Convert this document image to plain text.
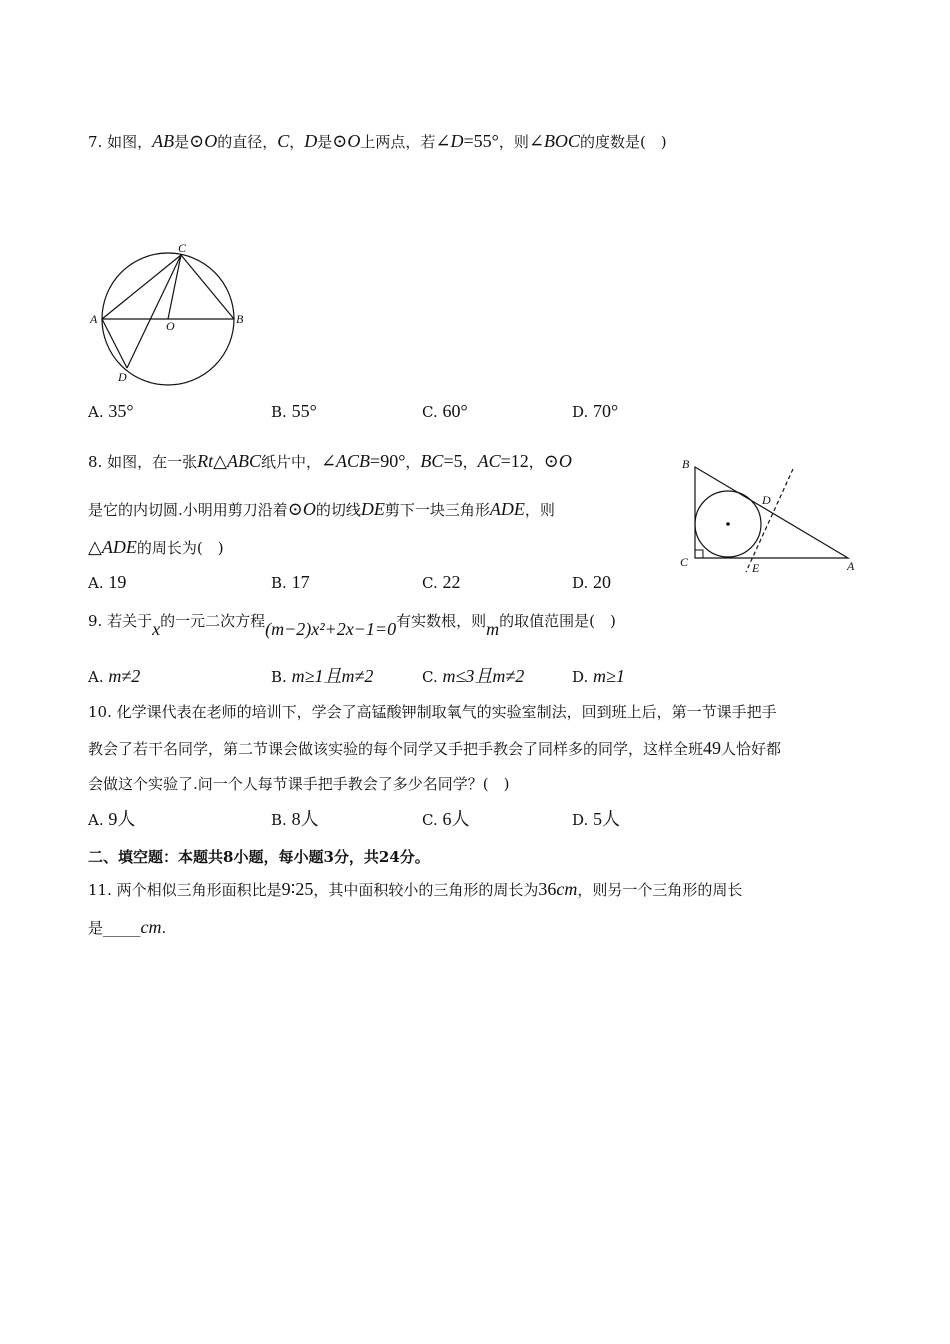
7. 如图，AB是⊙O的直径，C，D是⊙O上两点，若∠D=55°，则∠BOC的度数是(　)
C
A	B
O
D
A. 35°	B. 55°	C. 60°	D. 70°
8. 如图，在一张Rt△ABC纸片中，∠ACB=90°，BC=5，AC=12，⊙O
是它的内切圆.小明用剪刀沿着⊙O的切线DE剪下一块三角形ADE，则
△ADE的周长为(　)
B
D
C	E	A
A. 19	B. 17	C. 22	D. 20
9. 若关于x的一元二次方程(m−2)x²+2x−1=0有实数根，则m的取值范围是(　)
A. m≠2	B. m≥1且m≠2	C. m≤3且m≠2	D. m≥1
10. 化学课代表在老师的培训下，学会了高锰酸钾制取氧气的实验室制法，回到班上后，第一节课手把手
教会了若干名同学，第二节课会做该实验的每个同学又手把手教会了同样多的同学，这样全班49人恰好都
会做这个实验了.问一个人每节课手把手教会了多少名同学？(　)
A. 9人	B. 8人	C. 6人	D. 5人
二、填空题：本题共8小题，每小题3分，共24分。
11. 两个相似三角形面积比是9∶25，其中面积较小的三角形的周长为36cm，则另一个三角形的周长
是_____cm.
